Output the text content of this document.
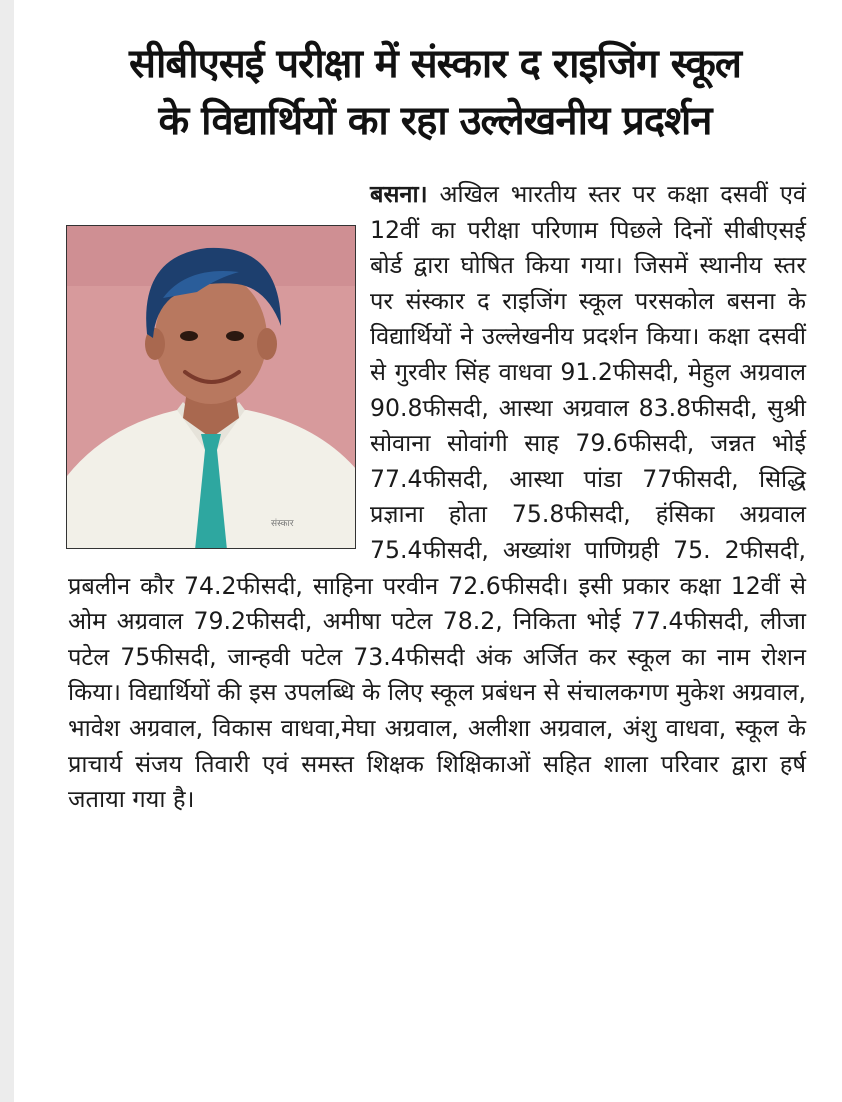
सीबीएसई परीक्षा में संस्कार द राइजिंग स्कूल
के विद्यार्थियों का रहा उल्लेखनीय प्रदर्शन
संस्कार

बसना। अखिल भारतीय स्तर पर कक्षा दसवीं एवं 12वीं का परीक्षा परिणाम पिछले दिनों सीबीएसई बोर्ड द्वारा घोषित किया गया। जिसमें स्थानीय स्तर पर संस्कार द राइजिंग स्कूल परसकोल बसना के विद्यार्थियों ने उल्लेखनीय प्रदर्शन किया। कक्षा दसवीं से गुरवीर सिंह वाधवा 91.2फीसदी, मेहुल अग्रवाल 90.8फीसदी, आस्था अग्रवाल 83.8फीसदी, सुश्री सोवाना सोवांगी साह 79.6फीसदी, जन्नत भोई 77.4फीसदी, आस्था पांडा 77फीसदी, सिद्धि प्रज्ञाना होता 75.8फीसदी, हंसिका अग्रवाल 75.4फीसदी, अख्यांश पाणिग्रही 75. 2फीसदी, प्रबलीन कौर 74.2फीसदी, साहिना परवीन 72.6फीसदी। इसी प्रकार कक्षा 12वीं से ओम अग्रवाल 79.2फीसदी, अमीषा पटेल 78.2, निकिता भोई 77.4फीसदी, लीजा पटेल 75फीसदी, जान्हवी पटेल 73.4फीसदी अंक अर्जित कर स्कूल का नाम रोशन किया। विद्यार्थियों की इस उपलब्धि के लिए स्कूल प्रबंधन से संचालकगण मुकेश अग्रवाल, भावेश अग्रवाल, विकास वाधवा,मेघा अग्रवाल, अलीशा अग्रवाल, अंशु वाधवा, स्कूल के प्राचार्य संजय तिवारी एवं समस्त शिक्षक शिक्षिकाओं सहित शाला परिवार द्वारा हर्ष जताया गया है।
